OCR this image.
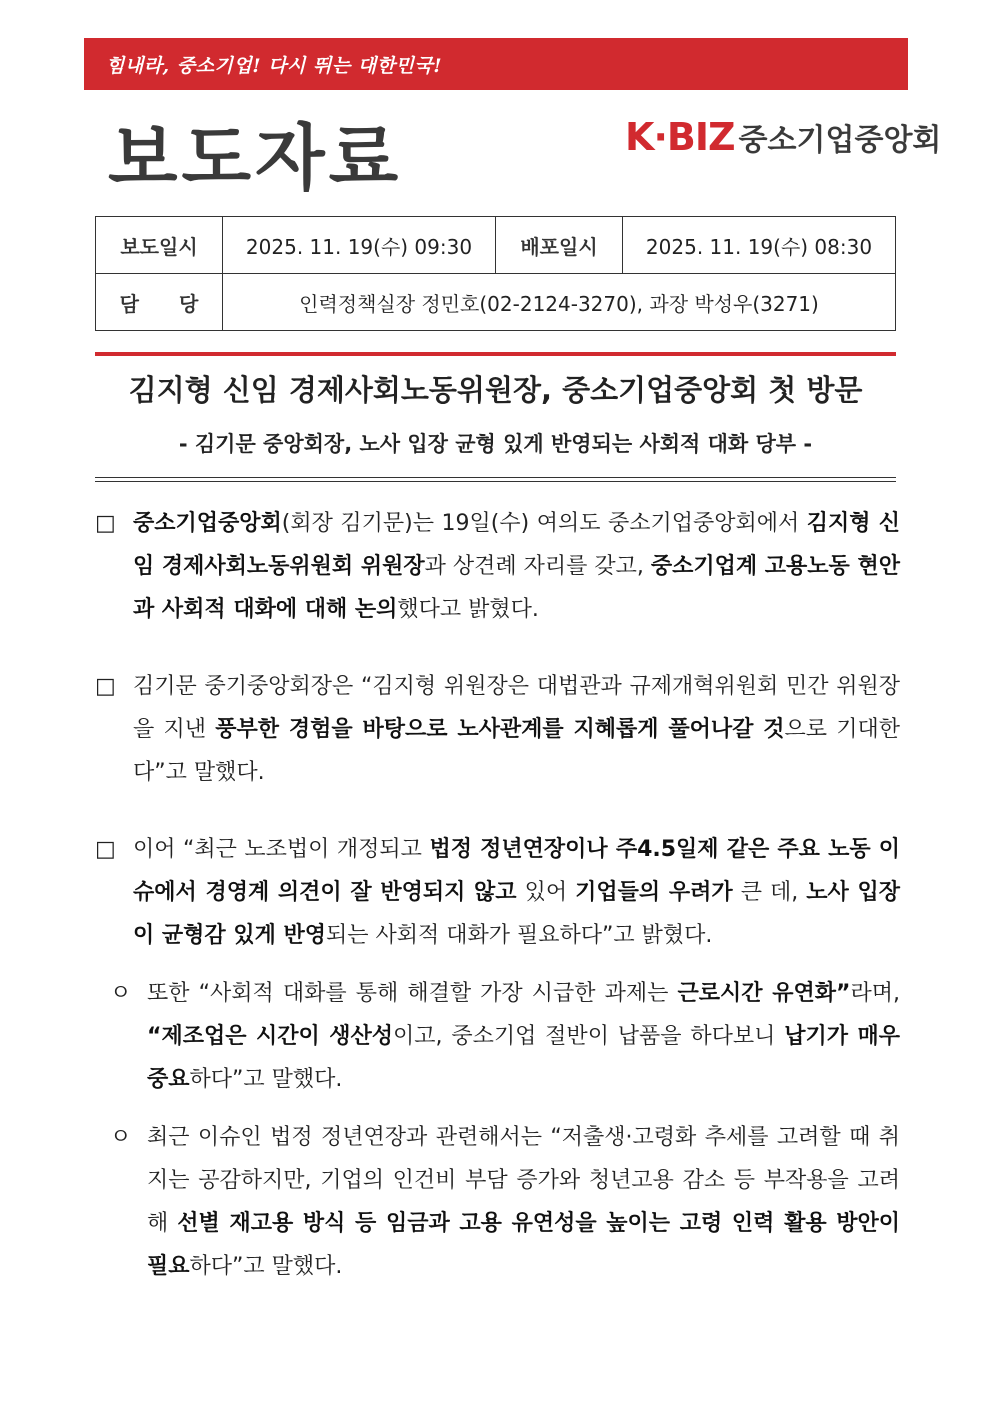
힘내라, 중소기업! 다시 뛰는 대한민국!
보도자료	K·BIZ 중소기업중앙회
보도일시	2025. 11. 19(수) 09:30	배포일시	2025. 11. 19(수) 08:30
담　　당	인력정책실장 정민호(02-2124-3270), 과장 박성우(3271)		
김지형 신임 경제사회노동위원장, 중소기업중앙회 첫 방문
- 김기문 중앙회장, 노사 입장 균형 있게 반영되는 사회적 대화 당부 -
□ 중소기업중앙회(회장 김기문)는 19일(수) 여의도 중소기업중앙회에서 김지형 신임 경제사회노동위원회 위원장과 상견례 자리를 갖고, 중소기업계 고용노동 현안과 사회적 대화에 대해 논의했다고 밝혔다.
□ 김기문 중기중앙회장은 “김지형 위원장은 대법관과 규제개혁위원회 민간 위원장을 지낸 풍부한 경험을 바탕으로 노사관계를 지혜롭게 풀어나갈 것으로 기대한다”고 말했다.
□ 이어 “최근 노조법이 개정되고 법정 정년연장이나 주4.5일제 같은 주요 노동 이슈에서 경영계 의견이 잘 반영되지 않고 있어 기업들의 우려가 큰 데, 노사 입장이 균형감 있게 반영되는 사회적 대화가 필요하다”고 밝혔다.
ㅇ 또한 “사회적 대화를 통해 해결할 가장 시급한 과제는 근로시간 유연화”라며, “제조업은 시간이 생산성이고, 중소기업 절반이 납품을 하다보니 납기가 매우 중요하다”고 말했다.
ㅇ 최근 이슈인 법정 정년연장과 관련해서는 “저출생·고령화 추세를 고려할 때 취지는 공감하지만, 기업의 인건비 부담 증가와 청년고용 감소 등 부작용을 고려해 선별 재고용 방식 등 임금과 고용 유연성을 높이는 고령 인력 활용 방안이 필요하다”고 말했다.
